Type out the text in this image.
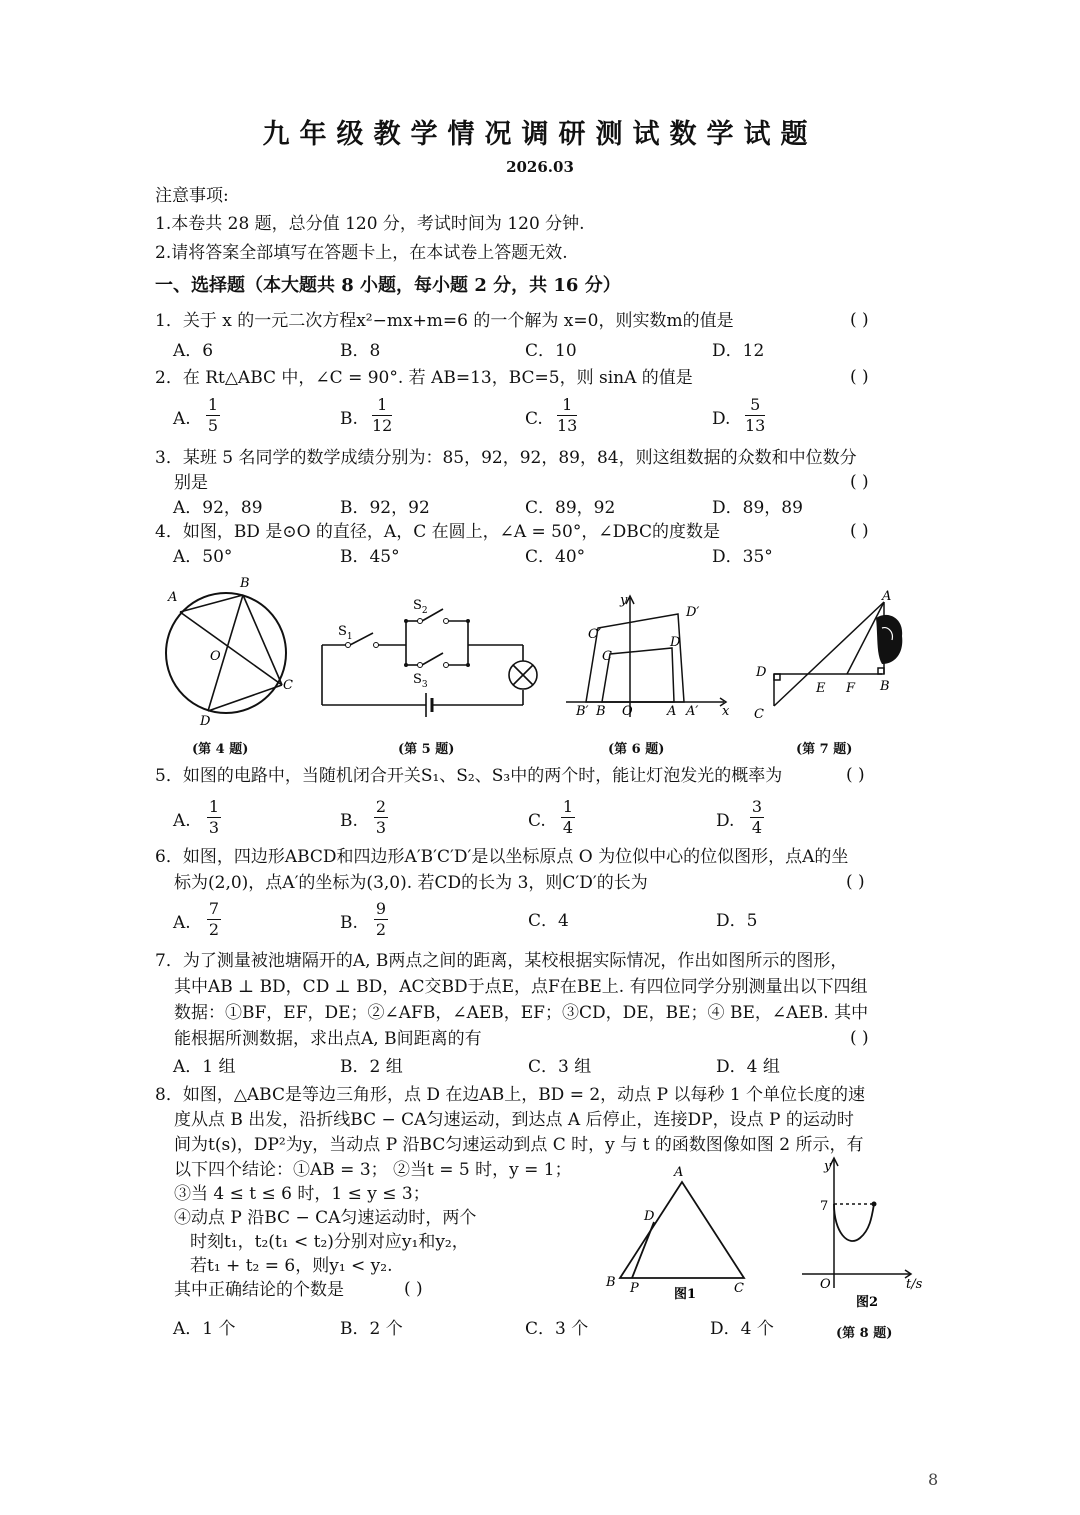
九年级教学情况调研测试数学试题
2026.03
注意事项:
1.本卷共 28 题，总分值 120 分，考试时间为 120 分钟.
2.请将答案全部填写在答题卡上，在本试卷上答题无效.
一、选择题（本大题共 8 小题，每小题 2 分，共 16 分）
1．关于 x 的一元二次方程x²−mx+m=6 的一个解为 x=0，则实数m的值是	( )
A．6	B．8	C．10	D．12
2．在 Rt△ABC 中，∠C = 90°. 若 AB=13，BC=5，则 sinA 的值是	( )
A.
1
5	B.
1
12	C.
1
13	D.
5
13
3．某班 5 名同学的数学成绩分别为：85，92，92，89，84，则这组数据的众数和中位数分
别是	( )
A．92，89	B．92，92	C．89，92	D．89，89
4．如图，BD 是⊙O 的直径，A，C 在圆上，∠A = 50°，∠DBC的度数是	( )
A．50°	B．45°	C．40°	D．35°
A
B
C
D
O
(第 4 题)
$S_1$
$S_2$
$S_3$
(第 5 题)
B′ B O	A A′ x
y
C′
C
D′
D
(第 6 题)
A
B
C
D
E F
(第 7 题)
5．如图的电路中，当随机闭合开关S₁、S₂、S₃中的两个时，能让灯泡发光的概率为	( )
A.
1
3	B.
2
3	C.
1
4	D.
3
4
6．如图，四边形ABCD和四边形A′B′C′D′是以坐标原点 O 为位似中心的位似图形，点A的坐
标为(2,0)，点A′的坐标为(3,0). 若CD的长为 3，则C′D′的长为	( )
A.
7
2	B.
9
2	C．4	D．5
7．为了测量被池塘隔开的A, B两点之间的距离，某校根据实际情况，作出如图所示的图形，
其中AB ⊥ BD，CD ⊥ BD，AC交BD于点E，点F在BE上. 有四位同学分别测量出以下四组
数据：①BF，EF，DE；②∠AFB，∠AEB，EF；③CD，DE，BE；④ BE，∠AEB. 其中
能根据所测数据，求出点A, B间距离的有	( )
A．1 组	B．2 组	C．3 组	D．4 组
8．如图，△ABC是等边三角形，点 D 在边AB上，BD = 2，动点 P 以每秒 1 个单位长度的速
度从点 B 出发，沿折线BC − CA匀速运动，到达点 A 后停止，连接DP，设点 P 的运动时
间为t(s)，DP²为y，当动点 P 沿BC匀速运动到点 C 时，y 与 t 的函数图像如图 2 所示，有
以下四个结论：①AB = 3； ②当t = 5 时，y = 1；
③当 4 ≤ t ≤ 6 时，1 ≤ y ≤ 3；
④动点 P 沿BC − CA匀速运动时，两个
时刻t₁，t₂(t₁ < t₂)分别对应y₁和y₂，
若t₁ + t₂ = 6，则y₁ < y₂.
其中正确结论的个数是	( )
A
B	C
D
P	图1
y
7
O	t/s
图2
A．1 个	B．2 个	C．3 个	D．4 个	(第 8 题)
8
